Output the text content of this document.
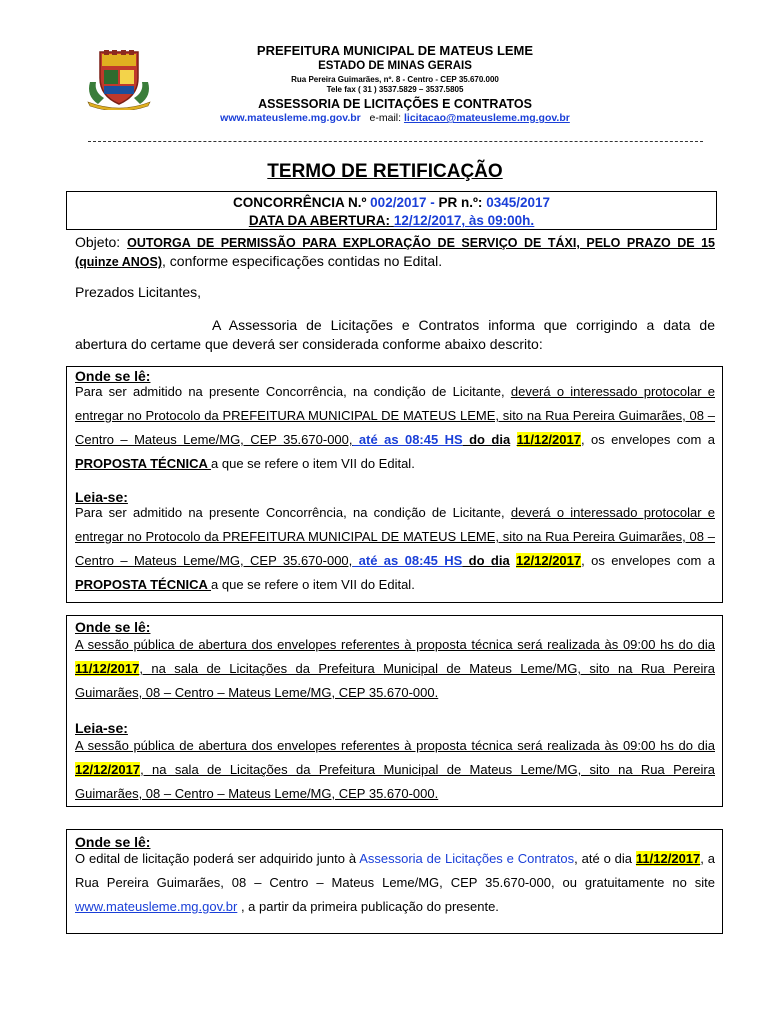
PREFEITURA MUNICIPAL DE MATEUS LEME
ESTADO DE MINAS GERAIS
Rua Pereira Guimarães, nº. 8 - Centro - CEP 35.670.000
Tele fax ( 31 ) 3537.5829 – 3537.5805
ASSESSORIA DE LICITAÇÕES E CONTRATOS
www.mateusleme.mg.gov.br e-mail: licitacao@mateusleme.mg.gov.br
TERMO DE RETIFICAÇÃO
CONCORRÊNCIA N.º 002/2017 - PR n.º: 0345/2017
DATA DA ABERTURA: 12/12/2017, às 09:00h.
Objeto: OUTORGA DE PERMISSÃO PARA EXPLORAÇÃO DE SERVIÇO DE TÁXI, PELO PRAZO DE 15 (quinze ANOS), conforme especificações contidas no Edital.
Prezados Licitantes,
A Assessoria de Licitações e Contratos informa que corrigindo a data de abertura do certame que deverá ser considerada conforme abaixo descrito:
Onde se lê:
Para ser admitido na presente Concorrência, na condição de Licitante, deverá o interessado protocolar e entregar no Protocolo da PREFEITURA MUNICIPAL DE MATEUS LEME, sito na Rua Pereira Guimarães, 08 – Centro – Mateus Leme/MG, CEP 35.670-000, até as 08:45 HS do dia 11/12/2017, os envelopes com a PROPOSTA TÉCNICA a que se refere o item VII do Edital.
Leia-se:
Para ser admitido na presente Concorrência, na condição de Licitante, deverá o interessado protocolar e entregar no Protocolo da PREFEITURA MUNICIPAL DE MATEUS LEME, sito na Rua Pereira Guimarães, 08 – Centro – Mateus Leme/MG, CEP 35.670-000, até as 08:45 HS do dia 12/12/2017, os envelopes com a PROPOSTA TÉCNICA a que se refere o item VII do Edital.
Onde se lê:
A sessão pública de abertura dos envelopes referentes à proposta técnica será realizada às 09:00 hs do dia 11/12/2017, na sala de Licitações da Prefeitura Municipal de Mateus Leme/MG, sito na Rua Pereira Guimarães, 08 – Centro – Mateus Leme/MG, CEP 35.670-000.
Leia-se:
A sessão pública de abertura dos envelopes referentes à proposta técnica será realizada às 09:00 hs do dia 12/12/2017, na sala de Licitações da Prefeitura Municipal de Mateus Leme/MG, sito na Rua Pereira Guimarães, 08 – Centro – Mateus Leme/MG, CEP 35.670-000.
Onde se lê:
O edital de licitação poderá ser adquirido junto à Assessoria de Licitações e Contratos, até o dia 11/12/2017, a Rua Pereira Guimarães, 08 – Centro – Mateus Leme/MG, CEP 35.670-000, ou gratuitamente no site www.mateusleme.mg.gov.br , a partir da primeira publicação do presente.
